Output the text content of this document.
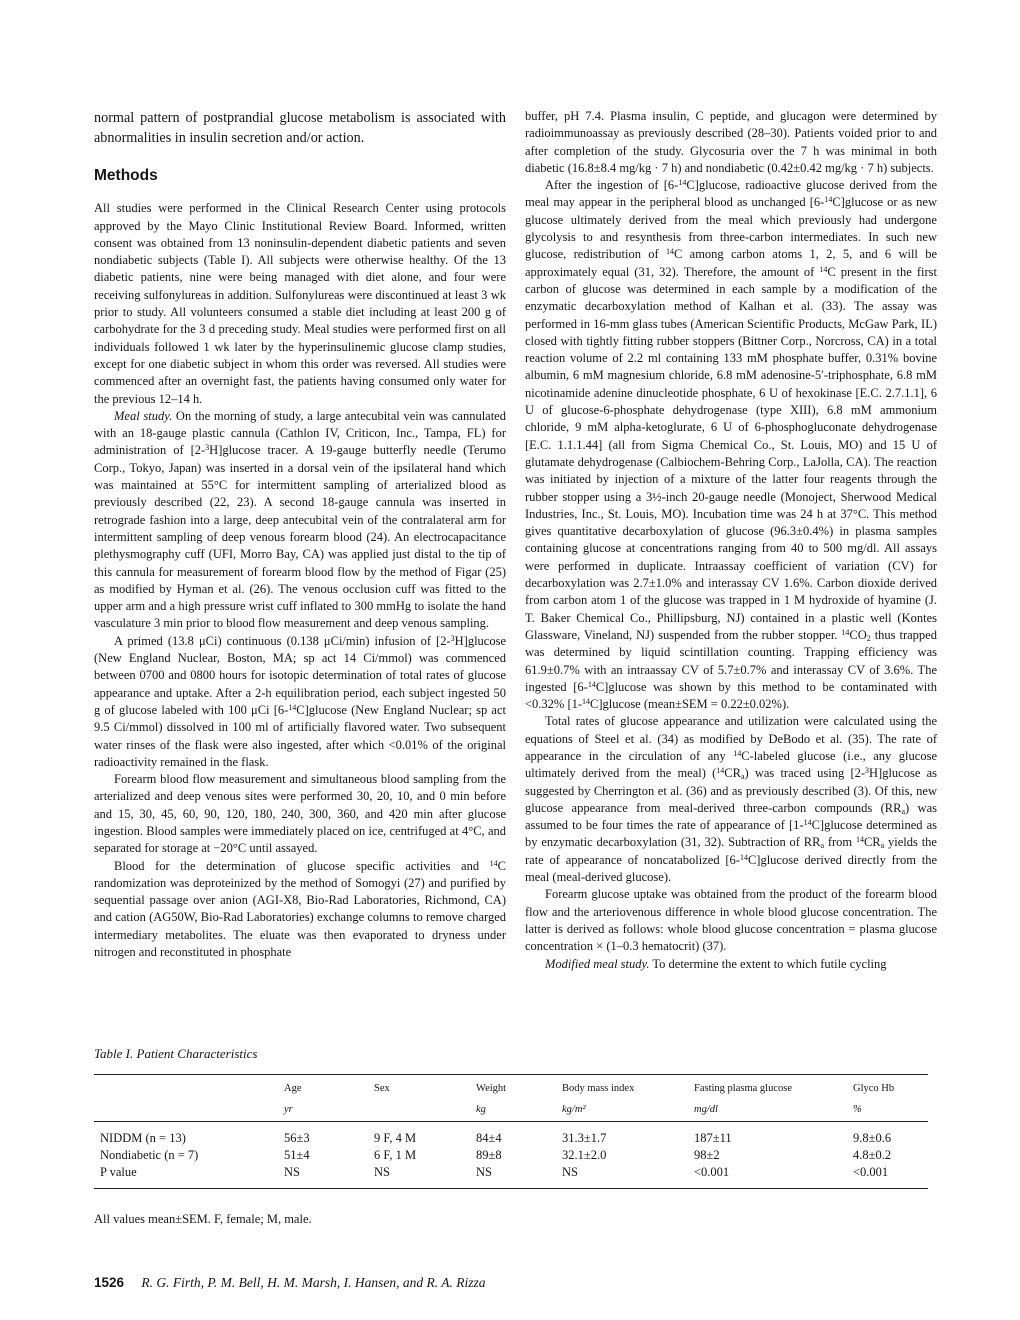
normal pattern of postprandial glucose metabolism is associated with abnormalities in insulin secretion and/or action.

Methods

All studies were performed in the Clinical Research Center using protocols approved by the Mayo Clinic Institutional Review Board. Informed, written consent was obtained from 13 noninsulin-dependent diabetic patients and seven nondiabetic subjects (Table I). All subjects were otherwise healthy. Of the 13 diabetic patients, nine were being managed with diet alone, and four were receiving sulfonylureas in addition. Sulfonylureas were discontinued at least 3 wk prior to study. All volunteers consumed a stable diet including at least 200 g of carbohydrate for the 3 d preceding study. Meal studies were performed first on all individuals followed 1 wk later by the hyperinsulinemic glucose clamp studies, except for one diabetic subject in whom this order was reversed. All studies were commenced after an overnight fast, the patients having consumed only water for the previous 12–14 h.

Meal study. On the morning of study, a large antecubital vein was cannulated with an 18-gauge plastic cannula (Cathlon IV, Criticon, Inc., Tampa, FL) for administration of [2-$^3$H]glucose tracer. A 19-gauge butterfly needle (Terumo Corp., Tokyo, Japan) was inserted in a dorsal vein of the ipsilateral hand which was maintained at 55°C for intermittent sampling of arterialized blood as previously described (22, 23). A second 18-gauge cannula was inserted in retrograde fashion into a large, deep antecubital vein of the contralateral arm for intermittent sampling of deep venous forearm blood (24). An electrocapacitance plethysmography cuff (UFI, Morro Bay, CA) was applied just distal to the tip of this cannula for measurement of forearm blood flow by the method of Figar (25) as modified by Hyman et al. (26). The venous occlusion cuff was fitted to the upper arm and a high pressure wrist cuff inflated to 300 mmHg to isolate the hand vasculature 3 min prior to blood flow measurement and deep venous sampling.

A primed (13.8 μCi) continuous (0.138 μCi/min) infusion of [2-$^3$H]glucose (New England Nuclear, Boston, MA; sp act 14 Ci/mmol) was commenced between 0700 and 0800 hours for isotopic determination of total rates of glucose appearance and uptake. After a 2-h equilibration period, each subject ingested 50 g of glucose labeled with 100 μCi [6-$^{14}$C]glucose (New England Nuclear; sp act 9.5 Ci/mmol) dissolved in 100 ml of artificially flavored water. Two subsequent water rinses of the flask were also ingested, after which <0.01% of the original radioactivity remained in the flask.

Forearm blood flow measurement and simultaneous blood sampling from the arterialized and deep venous sites were performed 30, 20, 10, and 0 min before and 15, 30, 45, 60, 90, 120, 180, 240, 300, 360, and 420 min after glucose ingestion. Blood samples were immediately placed on ice, centrifuged at 4°C, and separated for storage at −20°C until assayed.

Blood for the determination of glucose specific activities and $^{14}$C randomization was deproteinized by the method of Somogyi (27) and purified by sequential passage over anion (AGI-X8, Bio-Rad Laboratories, Richmond, CA) and cation (AG50W, Bio-Rad Laboratories) exchange columns to remove charged intermediary metabolites. The eluate was then evaporated to dryness under nitrogen and reconstituted in phosphate

buffer, pH 7.4. Plasma insulin, C peptide, and glucagon were determined by radioimmunoassay as previously described (28–30). Patients voided prior to and after completion of the study. Glycosuria over the 7 h was minimal in both diabetic (16.8±8.4 mg/kg · 7 h) and nondiabetic (0.42±0.42 mg/kg · 7 h) subjects.

After the ingestion of [6-$^{14}$C]glucose, radioactive glucose derived from the meal may appear in the peripheral blood as unchanged [6-$^{14}$C]glucose or as new glucose ultimately derived from the meal which previously had undergone glycolysis to and resynthesis from three-carbon intermediates. In such new glucose, redistribution of $^{14}$C among carbon atoms 1, 2, 5, and 6 will be approximately equal (31, 32). Therefore, the amount of $^{14}$C present in the first carbon of glucose was determined in each sample by a modification of the enzymatic decarboxylation method of Kalhan et al. (33). The assay was performed in 16-mm glass tubes (American Scientific Products, McGaw Park, IL) closed with tightly fitting rubber stoppers (Bittner Corp., Norcross, CA) in a total reaction volume of 2.2 ml containing 133 mM phosphate buffer, 0.31% bovine albumin, 6 mM magnesium chloride, 6.8 mM adenosine-5′-triphosphate, 6.8 mM nicotinamide adenine dinucleotide phosphate, 6 U of hexokinase [E.C. 2.7.1.1], 6 U of glucose-6-phosphate dehydrogenase (type XIII), 6.8 mM ammonium chloride, 9 mM alpha-ketoglurate, 6 U of 6-phosphogluconate dehydrogenase [E.C. 1.1.1.44] (all from Sigma Chemical Co., St. Louis, MO) and 15 U of glutamate dehydrogenase (Calbiochem-Behring Corp., LaJolla, CA). The reaction was initiated by injection of a mixture of the latter four reagents through the rubber stopper using a 3½-inch 20-gauge needle (Monoject, Sherwood Medical Industries, Inc., St. Louis, MO). Incubation time was 24 h at 37°C. This method gives quantitative decarboxylation of glucose (96.3±0.4%) in plasma samples containing glucose at concentrations ranging from 40 to 500 mg/dl. All assays were performed in duplicate. Intraassay coefficient of variation (CV) for decarboxylation was 2.7±1.0% and interassay CV 1.6%. Carbon dioxide derived from carbon atom 1 of the glucose was trapped in 1 M hydroxide of hyamine (J. T. Baker Chemical Co., Phillipsburg, NJ) contained in a plastic well (Kontes Glassware, Vineland, NJ) suspended from the rubber stopper. $^{14}CO_2$ thus trapped was determined by liquid scintillation counting. Trapping efficiency was 61.9±0.7% with an intraassay CV of 5.7±0.7% and interassay CV of 3.6%. The ingested [6-$^{14}$C]glucose was shown by this method to be contaminated with <0.32% [1-$^{14}$C]glucose (mean±SEM = 0.22±0.02%).

Total rates of glucose appearance and utilization were calculated using the equations of Steel et al. (34) as modified by DeBodo et al. (35). The rate of appearance in the circulation of any $^{14}$C-labeled glucose (i.e., any glucose ultimately derived from the meal) $(^{14}CR_a)$ was traced using [2-$^3$H]glucose as suggested by Cherrington et al. (36) and as previously described (3). Of this, new glucose appearance from meal-derived three-carbon compounds $(RR_a)$ was assumed to be four times the rate of appearance of [1-$^{14}$C]glucose determined as by enzymatic decarboxylation (31, 32). Subtraction of $RR_a$ from $^{14}CR_a$ yields the rate of appearance of noncatabolized [6-$^{14}$C]glucose derived directly from the meal (meal-derived glucose).

Forearm glucose uptake was obtained from the product of the forearm blood flow and the arteriovenous difference in whole blood glucose concentration. The latter is derived as follows: whole blood glucose concentration = plasma glucose concentration × (1–0.3 hematocrit) (37).

Modified meal study. To determine the extent to which futile cycling

Table I. Patient Characteristics
	Age	Sex	Weight	Body mass index	Fasting plasma glucose	Glyco Hb
	yr		kg	kg/m²	mg/dl	%
NIDDM (n = 13)	56±3	9 F, 4 M	84±4	31.3±1.7	187±11	9.8±0.6
Nondiabetic (n = 7)	51±4	6 F, 1 M	89±8	32.1±2.0	98±2	4.8±0.2
P value	NS	NS	NS	NS	<0.001	<0.001
All values mean±SEM. F, female; M, male.
1526 R. G. Firth, P. M. Bell, H. M. Marsh, I. Hansen, and R. A. Rizza
